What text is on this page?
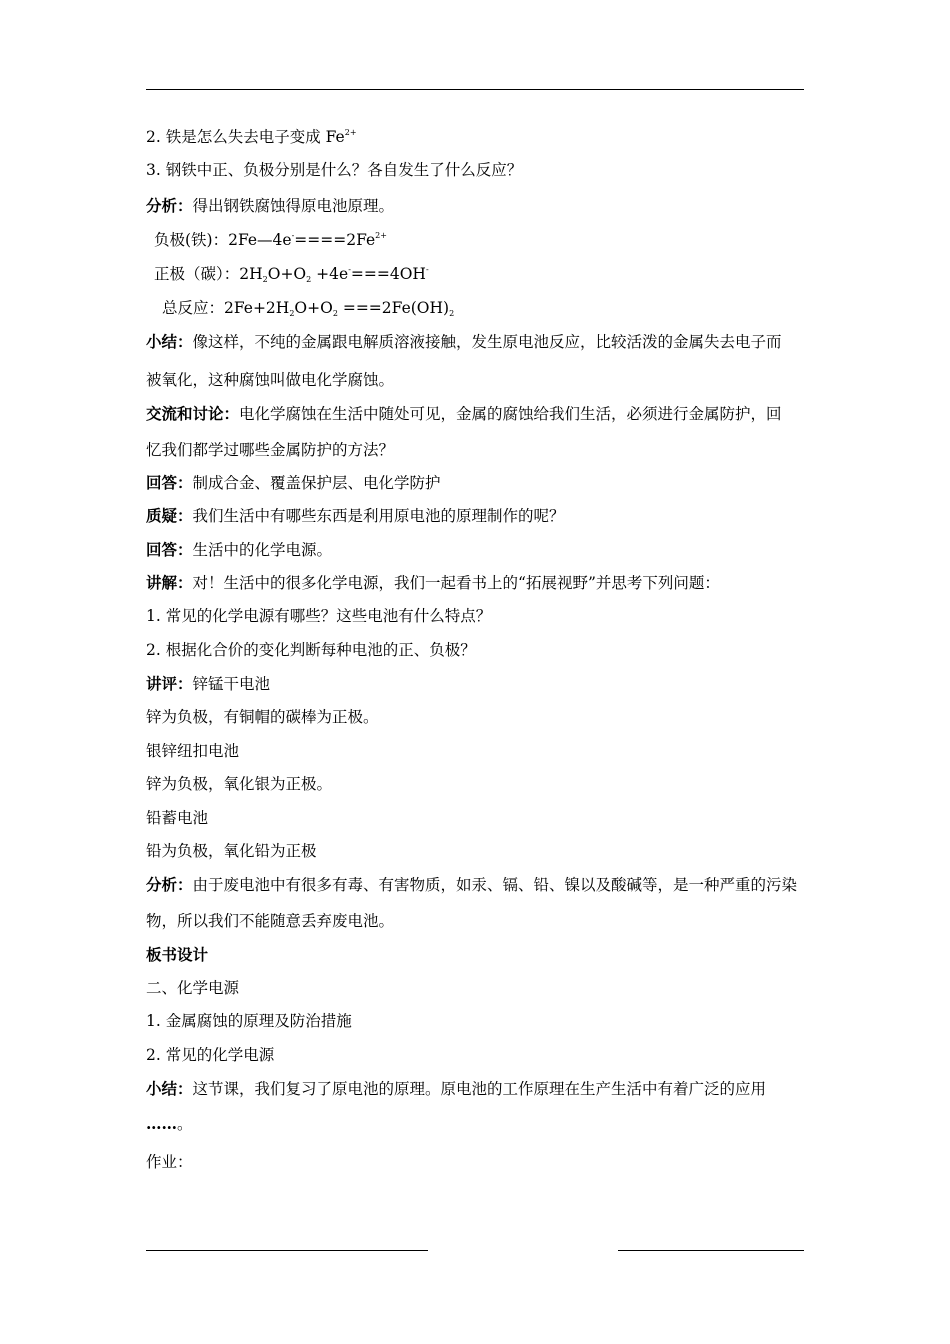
2. 铁是怎么失去电子变成 $Fe^{2+}$
3. 钢铁中正、负极分别是什么？各自发生了什么反应？
分析：得出钢铁腐蚀得原电池原理。
负极(铁)：$2Fe—4e^-====2Fe^{2+}$
正极（碳）：$2H_2O+O_2 +4e^-===4OH^-$
总反应：$2Fe+2H_2O+O_2 ===2Fe(OH)_2$
小结：像这样，不纯的金属跟电解质溶液接触，发生原电池反应，比较活泼的金属失去电子而
被氧化，这种腐蚀叫做电化学腐蚀。
交流和讨论：电化学腐蚀在生活中随处可见，金属的腐蚀给我们生活，必须进行金属防护，回
忆我们都学过哪些金属防护的方法？
回答：制成合金、覆盖保护层、电化学防护
质疑：我们生活中有哪些东西是利用原电池的原理制作的呢？
回答：生活中的化学电源。
讲解：对！生活中的很多化学电源，我们一起看书上的“拓展视野”并思考下列问题：
1. 常见的化学电源有哪些？这些电池有什么特点？
2. 根据化合价的变化判断每种电池的正、负极？
讲评：锌锰干电池
锌为负极，有铜帽的碳棒为正极。
银锌纽扣电池
锌为负极，氧化银为正极。
铅蓄电池
铅为负极，氧化铅为正极
分析：由于废电池中有很多有毒、有害物质，如汞、镉、铅、镍以及酸碱等，是一种严重的污染
物，所以我们不能随意丢弃废电池。
板书设计
二、化学电源
1. 金属腐蚀的原理及防治措施
2. 常见的化学电源
小结：这节课，我们复习了原电池的原理。原电池的工作原理在生产生活中有着广泛的应用
……。
作业：
